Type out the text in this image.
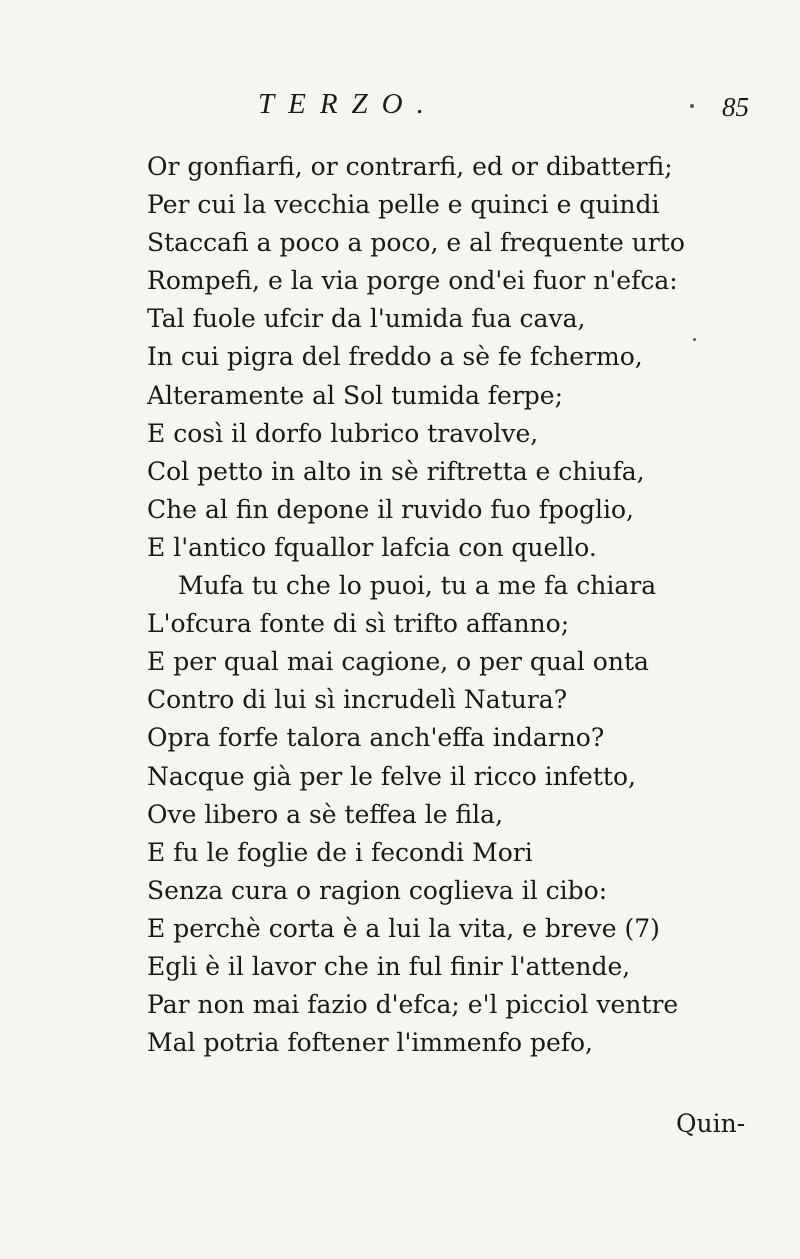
TERZO.	85
Or gonfiarfi, or contrarfi, ed or dibatterfi;
Per cui la vecchia pelle e quinci e quindi
Staccafi a poco a poco, e al frequente urto
Rompefi, e la via porge ond'ei fuor n'efca:
Tal fuole ufcir da l'umida fua cava,
In cui pigra del freddo a sè fe fchermo,
Alteramente al Sol tumida ferpe;
E così il dorfo lubrico travolve,
Col petto in alto in sè riftretta e chiufa,
Che al fin depone il ruvido fuo fpoglio,
E l'antico fquallor lafcia con quello.
Mufa tu che lo puoi, tu a me fa chiara
L'ofcura fonte di sì trifto affanno;
E per qual mai cagione, o per qual onta
Contro di lui sì incrudelì Natura?
Opra forfe talora anch'effa indarno?
Nacque già per le felve il ricco infetto,
Ove libero a sè teffea le fila,
E fu le foglie de i fecondi Mori
Senza cura o ragion coglieva il cibo:
E perchè corta è a lui la vita, e breve (7)
Egli è il lavor che in ful finir l'attende,
Par non mai fazio d'efca; e'l picciol ventre
Mal potria foftener l'immenfo pefo,
Quin-
